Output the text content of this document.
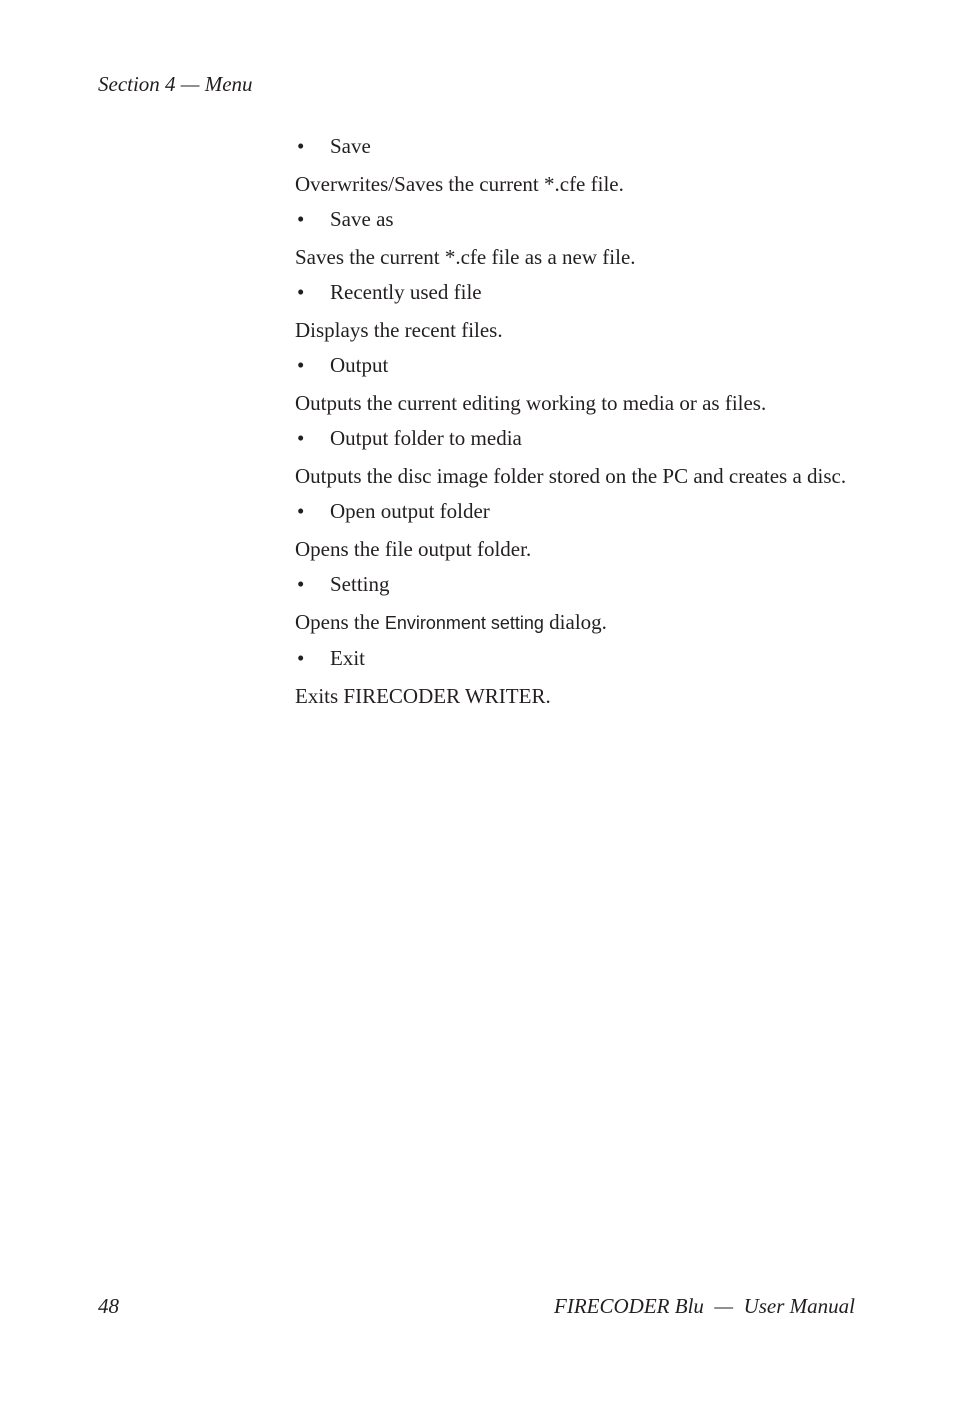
Section 4 — Menu
• Save

Overwrites/Saves the current *.cfe file.

• Save as

Saves the current *.cfe file as a new file.

• Recently used file

Displays the recent files.

• Output

Outputs the current editing working to media or as files.

• Output folder to media

Outputs the disc image folder stored on the PC and creates a disc.

• Open output folder

Opens the file output folder.

• Setting

Opens the Environment setting dialog.

• Exit

Exits FIRECODER WRITER.

48	FIRECODER Blu  —  User Manual
